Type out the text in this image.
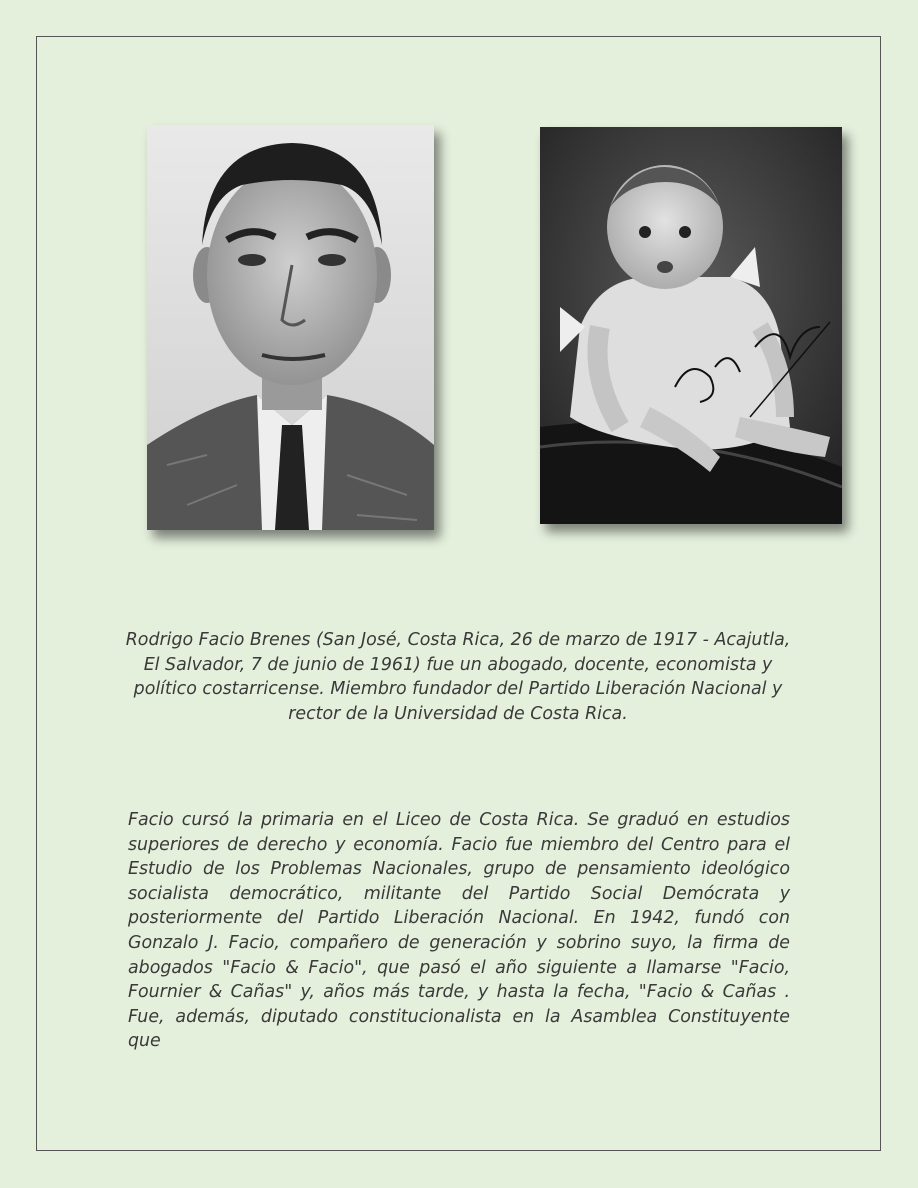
Rodrigo Facio Brenes (San José, Costa Rica, 26 de marzo de 1917 - Acajutla, El Salvador, 7 de junio de 1961) fue un abogado, docente, economista y político costarricense. Miembro fundador del Partido Liberación Nacional y rector de la Universidad de Costa Rica.
Facio cursó la primaria en el Liceo de Costa Rica. Se graduó en estudios superiores de derecho y economía. Facio fue miembro del Centro para el Estudio de los Problemas Nacionales, grupo de pensamiento ideológico socialista democrático, militante del Partido Social Demócrata y posteriormente del Partido Liberación Nacional. En 1942, fundó con Gonzalo J. Facio, compañero de generación y sobrino suyo, la firma de abogados "Facio & Facio", que pasó el año siguiente a llamarse "Facio, Fournier & Cañas" y, años más tarde, y hasta la fecha, "Facio & Cañas . Fue, además, diputado constitucionalista en la Asamblea Constituyente que
